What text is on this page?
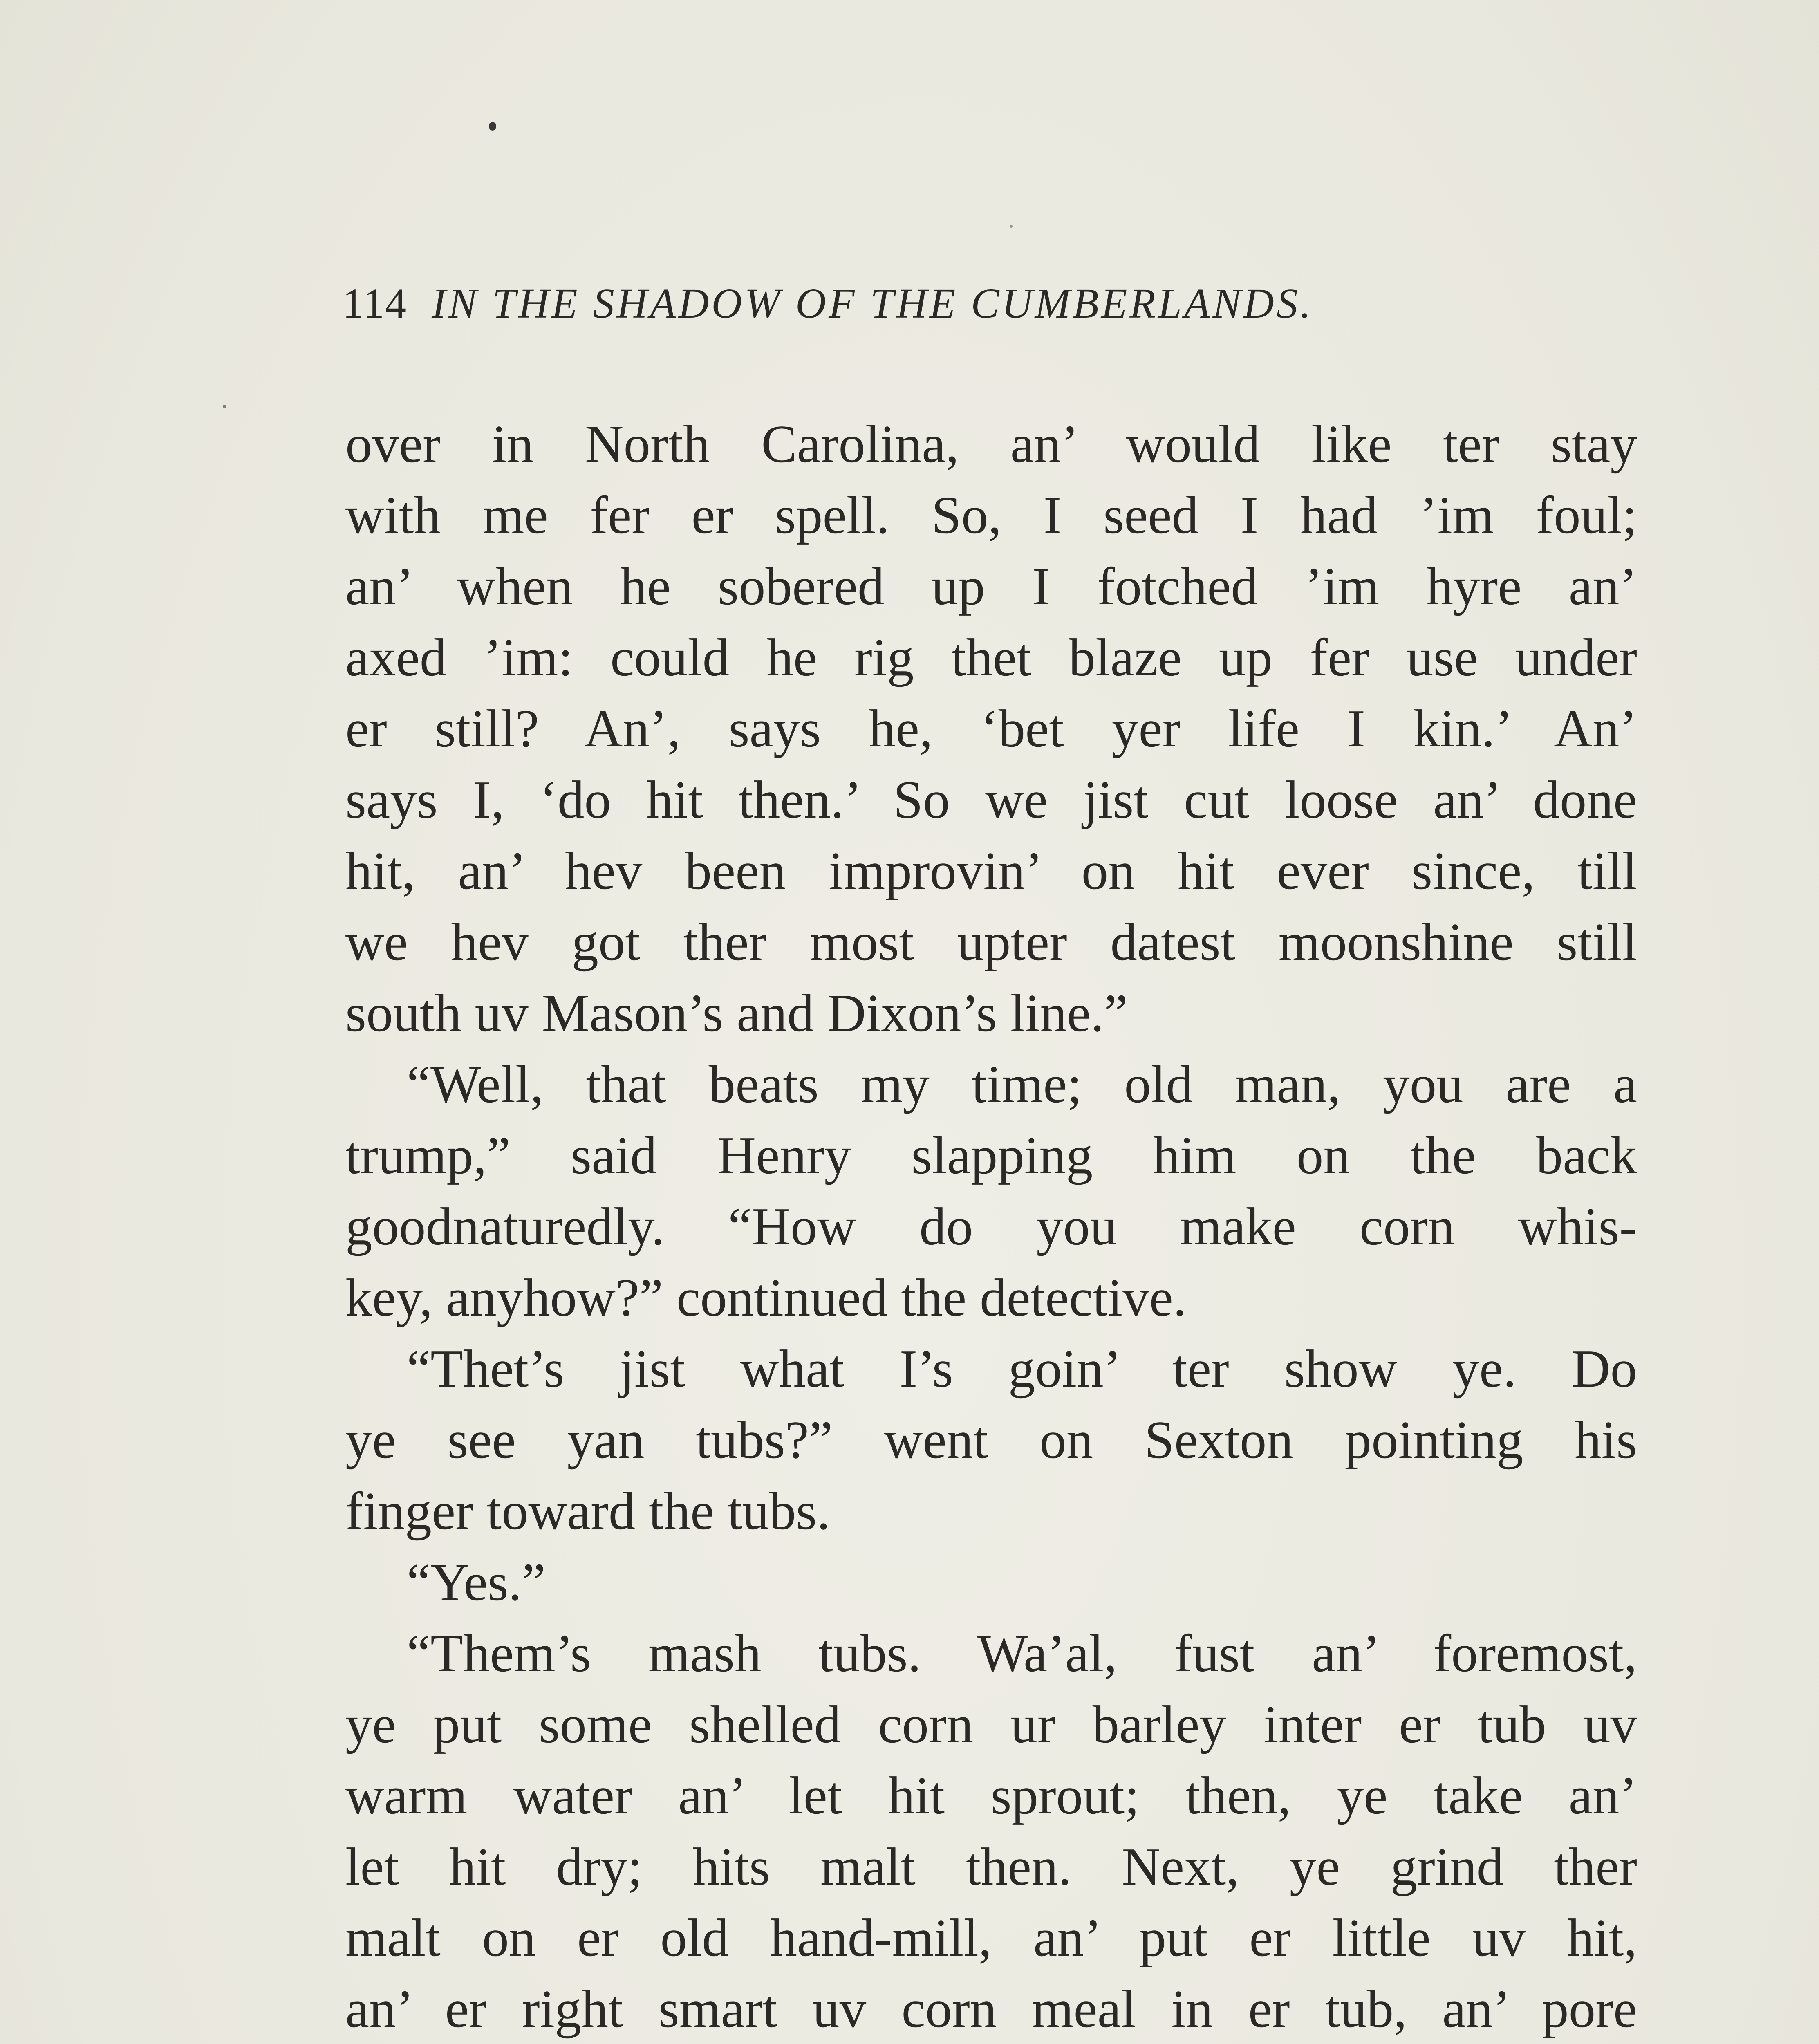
114 IN THE SHADOW OF THE CUMBERLANDS.
over in North Carolina, an’ would like ter stay
with me fer er spell. So, I seed I had ’im foul;
an’ when he sobered up I fotched ’im hyre an’
axed ’im: could he rig thet blaze up fer use under
er still? An’, says he, ‘bet yer life I kin.’ An’
says I, ‘do hit then.’ So we jist cut loose an’ done
hit, an’ hev been improvin’ on hit ever since, till
we hev got ther most upter datest moonshine still
south uv Mason’s and Dixon’s line.”
“Well, that beats my time; old man, you are a
trump,” said Henry slapping him on the back
goodnaturedly. “How do you make corn whis-
key, anyhow?” continued the detective.
“Thet’s jist what I’s goin’ ter show ye. Do
ye see yan tubs?” went on Sexton pointing his
finger toward the tubs.
“Yes.”
“Them’s mash tubs. Wa’al, fust an’ foremost,
ye put some shelled corn ur barley inter er tub uv
warm water an’ let hit sprout; then, ye take an’
let hit dry; hits malt then. Next, ye grind ther
malt on er old hand-mill, an’ put er little uv hit,
an’ er right smart uv corn meal in er tub, an’ pore
